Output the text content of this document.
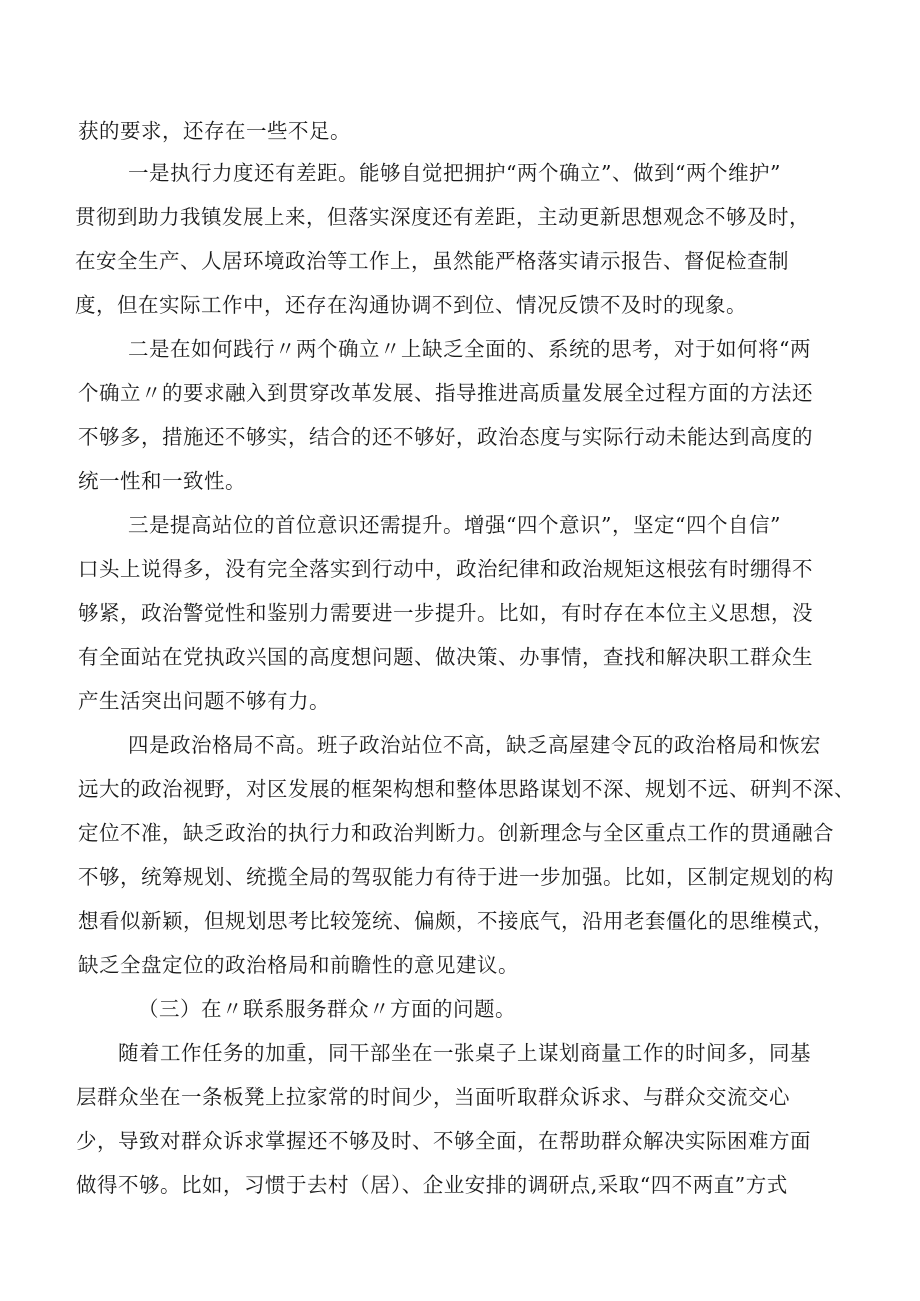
获的要求，还存在一些不足。

一是执行力度还有差距。能够自觉把拥护“两个确立”、做到“两个维护”

贯彻到助力我镇发展上来，但落实深度还有差距，主动更新思想观念不够及时，

在安全生产、人居环境政治等工作上，虽然能严格落实请示报告、督促检查制

度，但在实际工作中，还存在沟通协调不到位、情况反馈不及时的现象。

二是在如何践行〃两个确立〃上缺乏全面的、系统的思考，对于如何将“两

个确立〃的要求融入到贯穿改革发展、指导推进高质量发展全过程方面的方法还

不够多，措施还不够实，结合的还不够好，政治态度与实际行动未能达到高度的

统一性和一致性。

三是提高站位的首位意识还需提升。增强“四个意识”，坚定“四个自信”

口头上说得多，没有完全落实到行动中，政治纪律和政治规矩这根弦有时绷得不

够紧，政治警觉性和鉴别力需要进一步提升。比如，有时存在本位主义思想，没

有全面站在党执政兴国的高度想问题、做决策、办事情，查找和解决职工群众生

产生活突出问题不够有力。

四是政治格局不高。班子政治站位不高，缺乏高屋建令瓦的政治格局和恢宏

远大的政治视野，对区发展的框架构想和整体思路谋划不深、规划不远、研判不深、

定位不准，缺乏政治的执行力和政治判断力。创新理念与全区重点工作的贯通融合

不够，统筹规划、统揽全局的驾驭能力有待于进一步加强。比如，区制定规划的构

想看似新颖，但规划思考比较笼统、偏颇，不接底气，沿用老套僵化的思维模式，

缺乏全盘定位的政治格局和前瞻性的意见建议。

（三）在〃联系服务群众〃方面的问题。

随着工作任务的加重，同干部坐在一张桌子上谋划商量工作的时间多，同基

层群众坐在一条板凳上拉家常的时间少，当面听取群众诉求、与群众交流交心

少，导致对群众诉求掌握还不够及时、不够全面，在帮助群众解决实际困难方面

做得不够。比如，习惯于去村（居）、企业安排的调研点,采取“四不两直”方式
